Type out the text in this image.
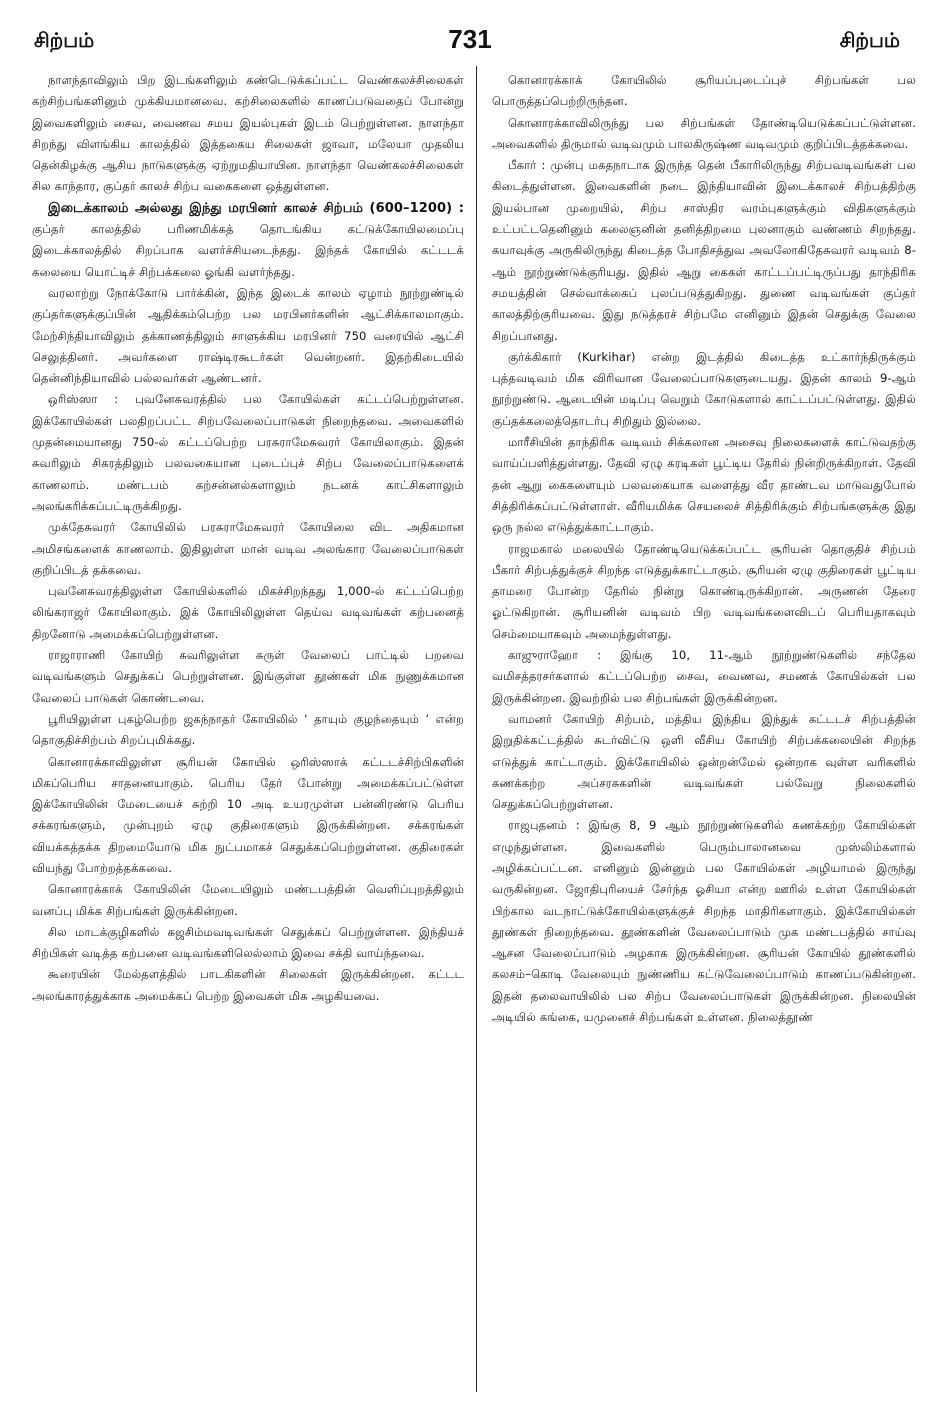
சிற்பம்	731	சிற்பம்

நாளந்தாவிலும் பிற இடங்களிலும் கண்டெடுக்கப்பட்ட வெண்கலச்சிலைகள் கற்சிற்பங்களினும் முக்கியமானவை. கற்சிலைகளில் காணப்படுவதைப் போன்று இவைகளிலும் சைவ, வைணவ சமய இயல்புகள் இடம் பெற்றுள்ளன. நாளந்தா சிறந்து விளங்கிய காலத்தில் இத்தகைய சிலைகள் ஜாவா, மலேயா முதலிய தென்கிழக்கு ஆசிய நாடுகளுக்கு ஏற்றுமதியாயின. நாளந்தா வெண்கலச்சிலைகள் சில காந்தார, குப்தர் காலச் சிற்ப வகைகளை ஒத்துள்ளன.

இடைக்காலம் அல்லது இந்து மரபினர் காலச் சிற்பம் (600–1200) : குப்தர் காலத்தில் பரிணமிக்கத் தொடங்கிய கட்டுக்கோயிலமைப்பு இடைக்காலத்தில் சிறப்பாக வளர்ச்சியடைந்தது. இந்தக் கோயில் கட்டடக் கலையை யொட்டிச் சிற்பக்கலை ஓங்கி வளர்ந்தது.

வரலாற்று நோக்கோடு பார்க்கின், இந்த இடைக் காலம் ஏழாம் நூற்றுண்டில் குப்தர்களுக்குப்பின் ஆதிக்கம்பெற்ற பல மரபினர்களின் ஆட்சிக்காலமாகும். மேற்சிந்தியாவிலும் தக்காணத்திலும் சாளுக்கிய மரபினர் 750 வரையில் ஆட்சி செலுத்தினர். அவர்களை ராஷ்டிரகூடர்கள் வென்றனர். இதற்கிடையில் தென்னிந்தியாவில் பல்லவர்கள் ஆண்டனர்.

ஒரிஸ்ஸா : புவனேசுவரத்தில் பல கோயில்கள் கட்டப்பெற்றுள்ளன. இக்கோயில்கள் பலதிறப்பட்ட சிற்பவேலைப்பாடுகள் நிறைந்தவை. அவைகளில் முதன்மையானது 750-ல் கட்டப்பெற்ற பரசுராமேசுவரர் கோயிலாகும். இதன் சுவரிலும் சிகரத்திலும் பலவகையான புடைப்புச் சிற்ப வேலைப்பாடுகளைக் காணலாம். மண்டபம் கற்சன்னல்களாலும் நடனக் காட்சிகளாலும் அலங்கரிக்கப்பட்டிருக்கிறது.

முக்தேசுவரர் கோயிலில் பரசுராமேசுவரர் கோயிலை விட அதிகமான அமிசங்களைக் காணலாம். இதிலுள்ள மான் வடிவ அலங்கார வேலைப்பாடுகள் குறிப்பிடத் தக்கவை.

புவனேசுவரத்திலுள்ள கோயில்களில் மிகச்சிறந்தது 1,000-ல் கட்டப்பெற்ற லிங்கராஜர் கோயிலாகும். இக் கோயிலிலுள்ள தெய்வ வடிவங்கள் கற்பனைத் திறனோடு அமைக்கப்பெற்றுள்ளன.

ராஜாராணி கோயிற் சுவரிலுள்ள சுருள் வேலைப் பாட்டில் பறவை வடிவங்களும் செதுக்கப் பெற்றுள்ளன. இங்குள்ள தூண்கள் மிக நுணுக்கமான வேலைப் பாடுகள் கொண்டவை.

பூரியிலுள்ள புகழ்பெற்ற ஜகந்நாதர் கோயிலில் ‘ தாயும் குழந்தையும் ’ என்ற தொகுதிச்சிற்பம் சிறப்புமிக்கது.

கொனாரக்காவிலுள்ள சூரியன் கோயில் ஒரிஸ்ஸாக் கட்டடச்சிற்பிகளின் மிகப்பெரிய சாதனையாகும். பெரிய தேர் போன்று அமைக்கப்பட்டுள்ள இக்கோயிலின் மேடையைச் சுற்றி 10 அடி உயரமுள்ள பன்னிரண்டு பெரிய சக்கரங்களும், முன்புறம் ஏழு குதிரைகளும் இருக்கின்றன. சக்கரங்கள் வியக்கத்தக்க திறமையோடு மிக நுட்பமாகச் செதுக்கப்பெற்றுள்ளன. குதிரைகள் வியந்து போற்றத்தக்கவை.

கொனாரக்காக் கோயிலின் மேடையிலும் மண்டபத்தின் வெளிப்புறத்திலும் வனப்பு மிக்க சிற்பங்கள் இருக்கின்றன.

சில மாடக்குழிகளில் கஜசிம்மவடிவங்கள் செதுக்கப் பெற்றுள்ளன. இந்தியச் சிற்பிகள் வடித்த கற்பனை வடிவங்களிலெல்லாம் இவை சக்தி வாய்ந்தவை.

கூரையின் மேல்தளத்தில் பாடகிகளின் சிலைகள் இருக்கின்றன. கட்டட அலங்காரத்துக்காக அமைக்கப் பெற்ற இவைகள் மிக அழகியவை.

கொனாரக்காக் கோயிலில் சூரியப்புடைப்புச் சிற்பங்கள் பல பொருத்தப்பெற்றிருந்தன.

கொனாரக்காவிலிருந்து பல சிற்பங்கள் தோண்டியெடுக்கப்பட்டுள்ளன. அவைகளில் திருமால் வடிவமும் பாலகிருஷ்ண வடிவமும் குறிப்பிடத்தக்கவை.

பீகார் : முன்பு மகதநாடாக இருந்த தென் பீகாரிலிருந்து சிற்பவடிவங்கள் பல கிடைத்துள்ளன. இவைகளின் நடை இந்தியாவின் இடைக்காலச் சிற்பத்திற்கு இயல்பான முறையில், சிற்ப சாஸ்திர வரம்புகளுக்கும் விதிகளுக்கும் உட்பட்டதெனினும் கலைஞனின் தனித்திறமை புலனாகும் வண்ணம் சிறந்தது. கயாவுக்கு அருகிலிருந்து கிடைத்த போதிசத்துவ அவலோகிதேசுவரர் வடிவம் 8-ஆம் நூற்றுண்டுக்குரியது. இதில் ஆறு கைகள் காட்டப்பட்டிருப்பது தாந்திரிக சமயத்தின் செல்வாக்கைப் புலப்படுத்துகிறது. துணை வடிவங்கள் குப்தர் காலத்திற்குரியவை. இது நடுத்தரச் சிற்பமே எனினும் இதன் செதுக்கு வேலை சிறப்பானது.

குர்க்கிகார் (Kurkihar) என்ற இடத்தில் கிடைத்த உட்கார்ந்திருக்கும் புத்தவடிவம் மிக விரிவான வேலைப்பாடுகளுடையது. இதன் காலம் 9-ஆம் நூற்றுண்டு. ஆடையின் மடிப்பு வெறும் கோடுகளால் காட்டப்பட்டுள்ளது. இதில் குப்தக்கலைத்தொடர்பு சிறிதும் இல்லை.

மாரீசியின் தாந்திரிக வடிவம் சிக்கலான அசைவு நிலைகளைக் காட்டுவதற்கு வாய்ப்பளித்துள்ளது. தேவி ஏழு கரடிகள் பூட்டிய தேரில் நின்றிருக்கிறாள். தேவி தன் ஆறு கைகளையும் பலவகையாக வளைத்து வீர தாண்டவ மாடுவதுபோல் சித்திரிக்கப்பட்டுள்ளாள். வீரியமிக்க செயலைச் சித்திரிக்கும் சிற்பங்களுக்கு இது ஒரு நல்ல எடுத்துக்காட்டாகும்.

ராஜமகால் மலையில் தோண்டியெடுக்கப்பட்ட சூரியன் தொகுதிச் சிற்பம் பீகார் சிற்பத்துக்குச் சிறந்த எடுத்துக்காட்டாகும். சூரியன் ஏழு குதிரைகள் பூட்டிய தாமரை போன்ற தேரில் நின்று கொண்டிருக்கிறான். அருணன் தேரை ஓட்டுகிறான். சூரியனின் வடிவம் பிற வடிவங்களைவிடப் பெரியதாகவும் செம்மையாகவும் அமைந்துள்ளது.

காஜுராஹோ : இங்கு 10, 11-ஆம் நூற்றுண்டுகளில் சந்தேல வமிசத்தரசர்களால் கட்டப்பெற்ற சைவ, வைணவ, சமணக் கோயில்கள் பல இருக்கின்றன. இவற்றில் பல சிற்பங்கள் இருக்கின்றன.

வாமனர் கோயிற் சிற்பம், மத்திய இந்திய இந்துக் கட்டடச் சிற்பத்தின் இறுதிக்கட்டத்தில் சுடர்விட்டு ஒளி வீசிய கோயிற் சிற்பக்கலையின் சிறந்த எடுத்துக் காட்டாகும். இக்கோயிலில் ஒன்றன்மேல் ஒன்றாக வுள்ள வரிகளில் கணக்கற்ற அப்சரசுகளின் வடிவங்கள் பல்வேறு நிலைகளில் செதுக்கப்பெற்றுள்ளன.

ராஜபுதனம் : இங்கு 8, 9 ஆம் நூற்றுண்டுகளில் கணக்கற்ற கோயில்கள் எழுந்துள்ளன. இவைகளில் பெரும்பாலானவை முஸ்லிம்களால் அழிக்கப்பட்டன. எனினும் இன்னும் பல கோயில்கள் அழியாமல் இருந்து வருகின்றன. ஜோதிபுரியைச் சேர்ந்த ஓசியா என்ற ஊரில் உள்ள கோயில்கள் பிற்கால வடநாட்டுக்கோயில்களுக்குச் சிறந்த மாதிரிகளாகும். இக்கோயில்கள் தூண்கள் நிறைந்தவை. தூண்களின் வேலைப்பாடும் முக மண்டபத்தில் சாய்வு ஆசன வேலைப்பாடும் அழகாக இருக்கின்றன. சூரியன் கோயில் தூண்களில் கலசம்–கொடி வேலையும் நுண்ணிய கட்டுவேலைப்பாடும் காணப்படுகின்றன. இதன் தலைவாயிலில் பல சிற்ப வேலைப்பாடுகள் இருக்கின்றன. நிலையின் அடியில் கங்கை, யமுனைச் சிற்பங்கள் உள்ளன. நிலைத்தூண்
